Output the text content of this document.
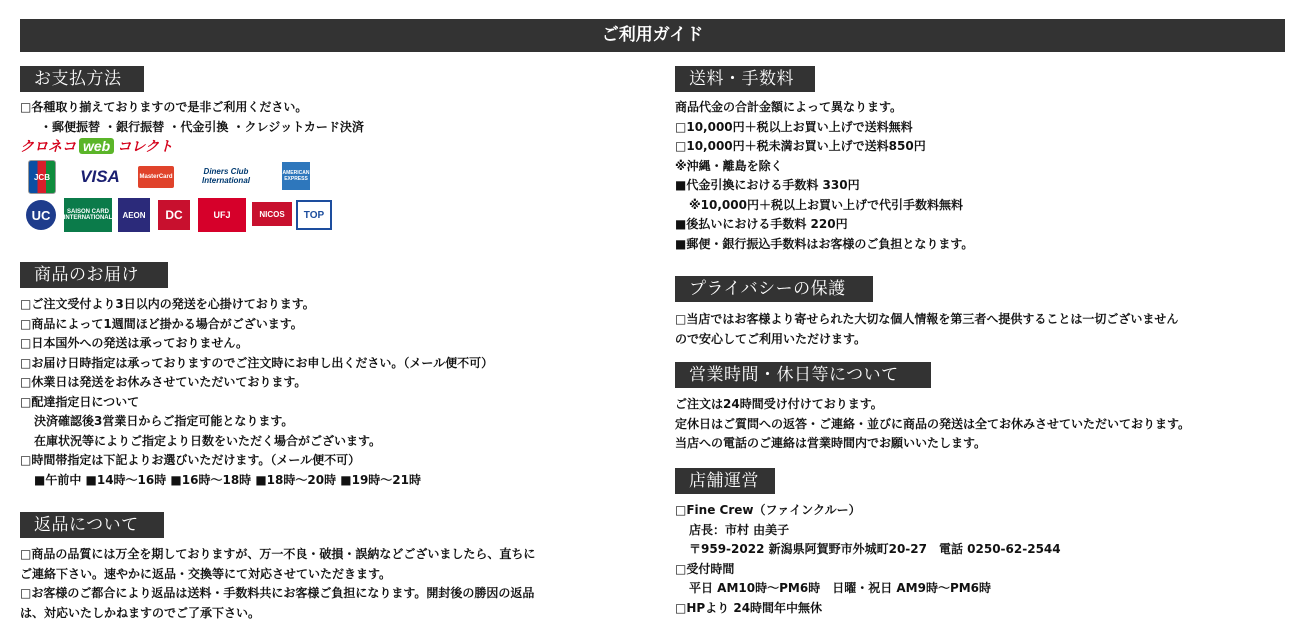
ご利用ガイド
お支払方法
□各種取り揃えておりますので是非ご利用ください。
・郵便振替 ・銀行振替 ・代金引換 ・クレジットカード決済
クロネコ web コレクト
JCB	VISA	MasterCard
Diners Club International
AMERICAN EXPRESS
UC	SAISON CARD INTERNATIONAL	AEON	DC	UFJ	NICOS	TOP
商品のお届け
□ご注文受付より3日以内の発送を心掛けております。
□商品によって1週間ほど掛かる場合がございます。
□日本国外への発送は承っておりません。
□お届け日時指定は承っておりますのでご注文時にお申し出ください。（メール便不可）
□休業日は発送をお休みさせていただいております。
□配達指定日について
決済確認後3営業日からご指定可能となります。
在庫状況等によりご指定より日数をいただく場合がございます。
□時間帯指定は下記よりお選びいただけます。（メール便不可）
■午前中 ■14時〜16時 ■16時〜18時 ■18時〜20時 ■19時〜21時
返品について
□商品の品質には万全を期しておりますが、万一不良・破損・誤納などございましたら、直ちに
ご連絡下さい。速やかに返品・交換等にて対応させていただきます。
□お客様のご都合により返品は送料・手数料共にお客様ご負担になります。開封後の勝因の返品
は、対応いたしかねますのでご了承下さい。
送料・手数料
商品代金の合計金額によって異なります。
□10,000円＋税以上お買い上げで送料無料
□10,000円＋税未満お買い上げで送料850円
※沖縄・離島を除く
■代金引換における手数料 330円
※10,000円＋税以上お買い上げで代引手数料無料
■後払いにおける手数料 220円
■郵便・銀行振込手数料はお客様のご負担となります。
プライバシーの保護
□当店ではお客様より寄せられた大切な個人情報を第三者へ提供することは一切ございません
ので安心してご利用いただけます。
営業時間・休日等について
ご注文は24時間受け付けております。
定休日はご質問への返答・ご連絡・並びに商品の発送は全てお休みさせていただいております。
当店への電話のご連絡は営業時間内でお願いいたします。
店舗運営
□Fine Crew（ファインクルー）
店長：市村 由美子
〒959-2022 新潟県阿賀野市外城町20-27　電話 0250-62-2544
□受付時間
平日 AM10時〜PM6時　日曜・祝日 AM9時〜PM6時
□HPより 24時間年中無休
